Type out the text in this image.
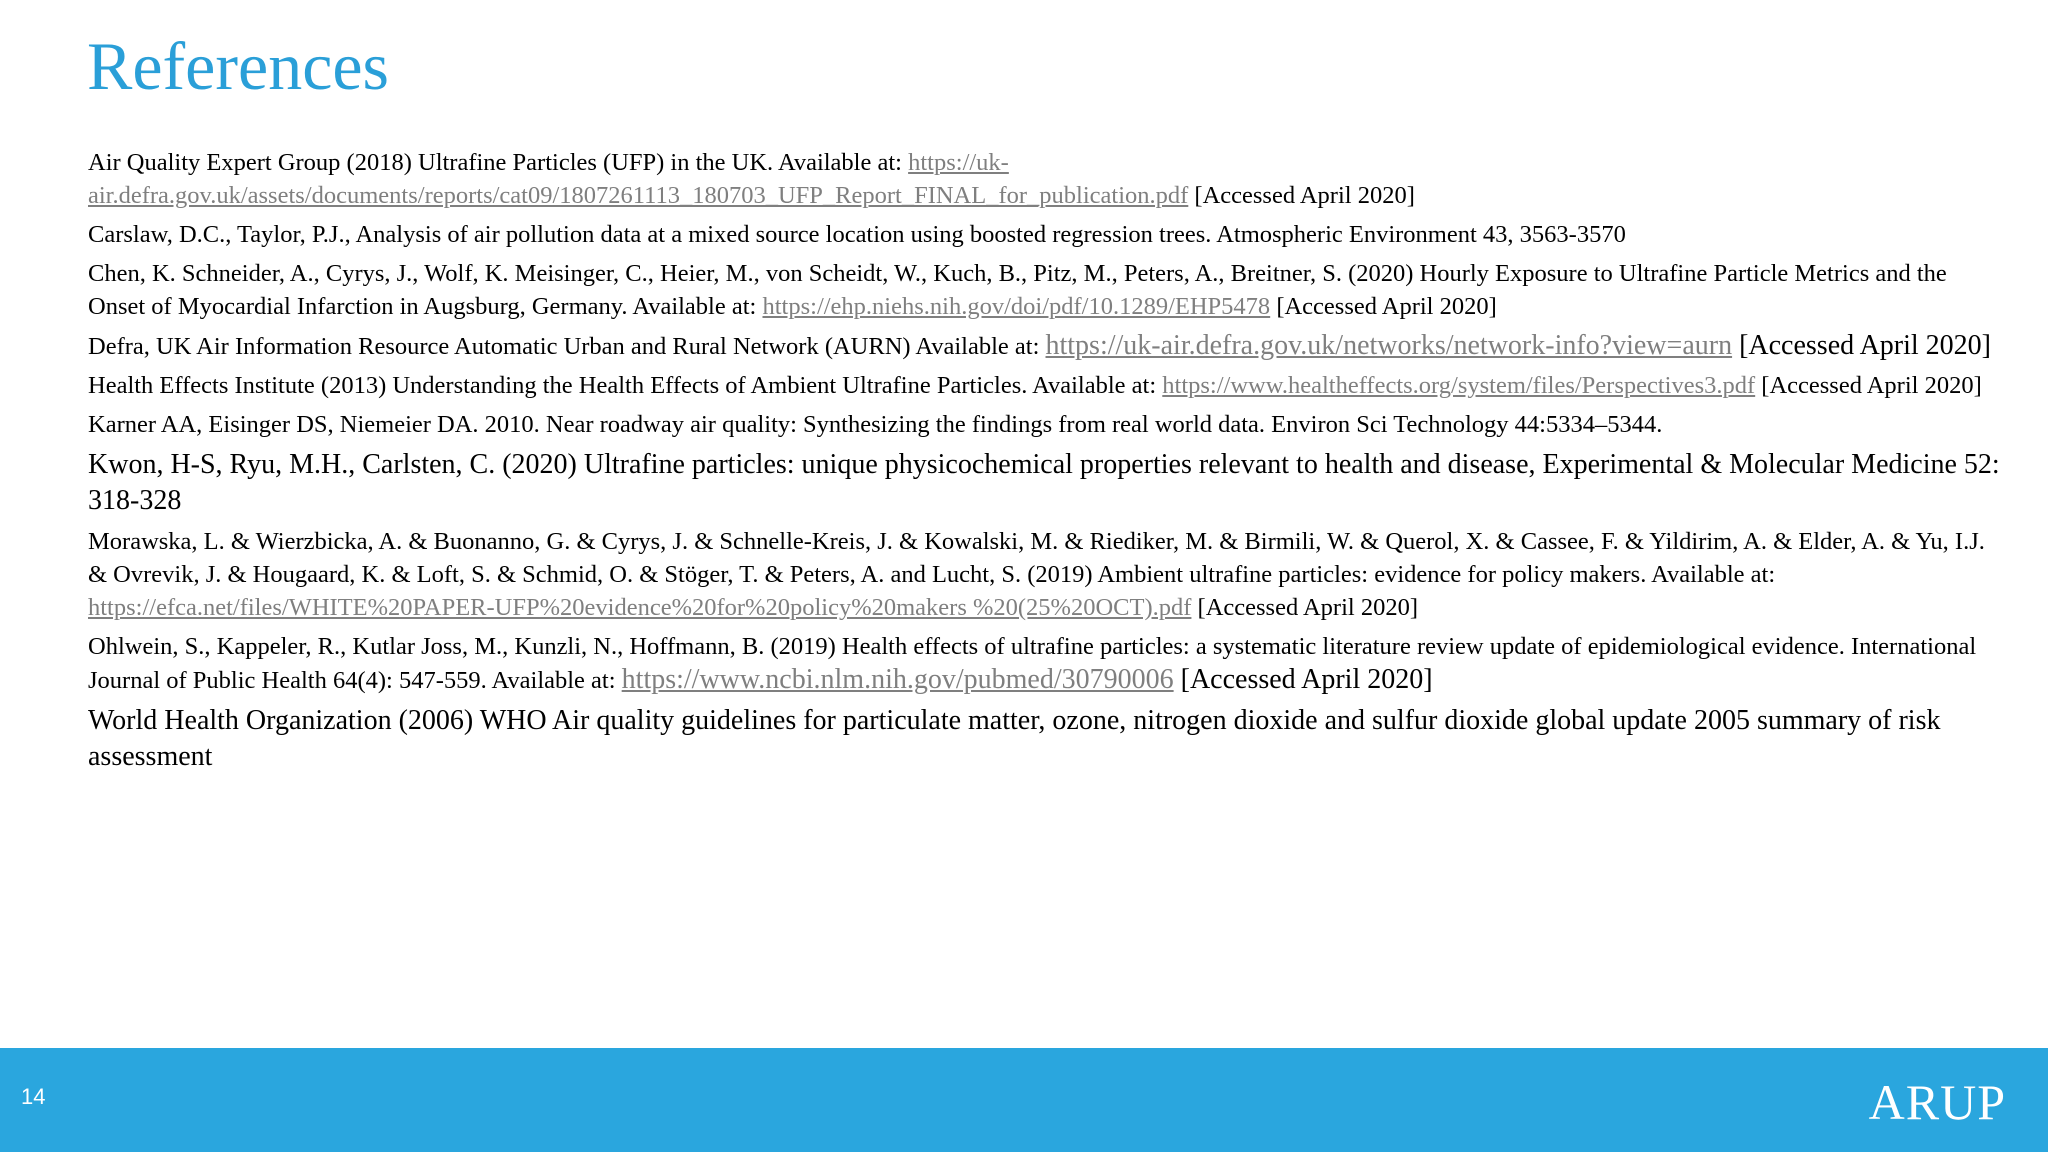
References
Air Quality Expert Group (2018) Ultrafine Particles (UFP) in the UK. Available at: https://uk-air.defra.gov.uk/assets/documents/reports/cat09/1807261113_180703_UFP_Report_FINAL_for_publication.pdf [Accessed April 2020]
Carslaw, D.C., Taylor, P.J., Analysis of air pollution data at a mixed source location using boosted regression trees. Atmospheric Environment 43, 3563-3570
Chen, K. Schneider, A., Cyrys, J., Wolf, K. Meisinger, C., Heier, M., von Scheidt, W., Kuch, B., Pitz, M., Peters, A., Breitner, S. (2020) Hourly Exposure to Ultrafine Particle Metrics and the Onset of Myocardial Infarction in Augsburg, Germany. Available at: https://ehp.niehs.nih.gov/doi/pdf/10.1289/EHP5478 [Accessed April 2020]
Defra, UK Air Information Resource Automatic Urban and Rural Network (AURN) Available at: https://uk-air.defra.gov.uk/networks/network-info?view=aurn [Accessed April 2020]
Health Effects Institute (2013) Understanding the Health Effects of Ambient Ultrafine Particles. Available at: https://www.healtheffects.org/system/files/Perspectives3.pdf [Accessed April 2020]
Karner AA, Eisinger DS, Niemeier DA. 2010. Near roadway air quality: Synthesizing the findings from real world data. Environ Sci Technology 44:5334–5344.
Kwon, H-S, Ryu, M.H., Carlsten, C. (2020) Ultrafine particles: unique physicochemical properties relevant to health and disease, Experimental & Molecular Medicine 52: 318-328
Morawska, L. & Wierzbicka, A. & Buonanno, G. & Cyrys, J. & Schnelle-Kreis, J. & Kowalski, M. & Riediker, M. & Birmili, W. & Querol, X. & Cassee, F. & Yildirim, A. & Elder, A. & Yu, I.J. & Ovrevik, J. & Hougaard, K. & Loft, S. & Schmid, O. & Stöger, T. & Peters, A. and Lucht, S. (2019) Ambient ultrafine particles: evidence for policy makers. Available at: https://efca.net/files/WHITE%20PAPER-UFP%20evidence%20for%20policy%20makers %20(25%20OCT).pdf [Accessed April 2020]
Ohlwein, S., Kappeler, R., Kutlar Joss, M., Kunzli, N., Hoffmann, B. (2019) Health effects of ultrafine particles: a systematic literature review update of epidemiological evidence. International Journal of Public Health 64(4): 547-559. Available at: https://www.ncbi.nlm.nih.gov/pubmed/30790006 [Accessed April 2020]
World Health Organization (2006) WHO Air quality guidelines for particulate matter, ozone, nitrogen dioxide and sulfur dioxide global update 2005 summary of risk assessment
14	ARUP
